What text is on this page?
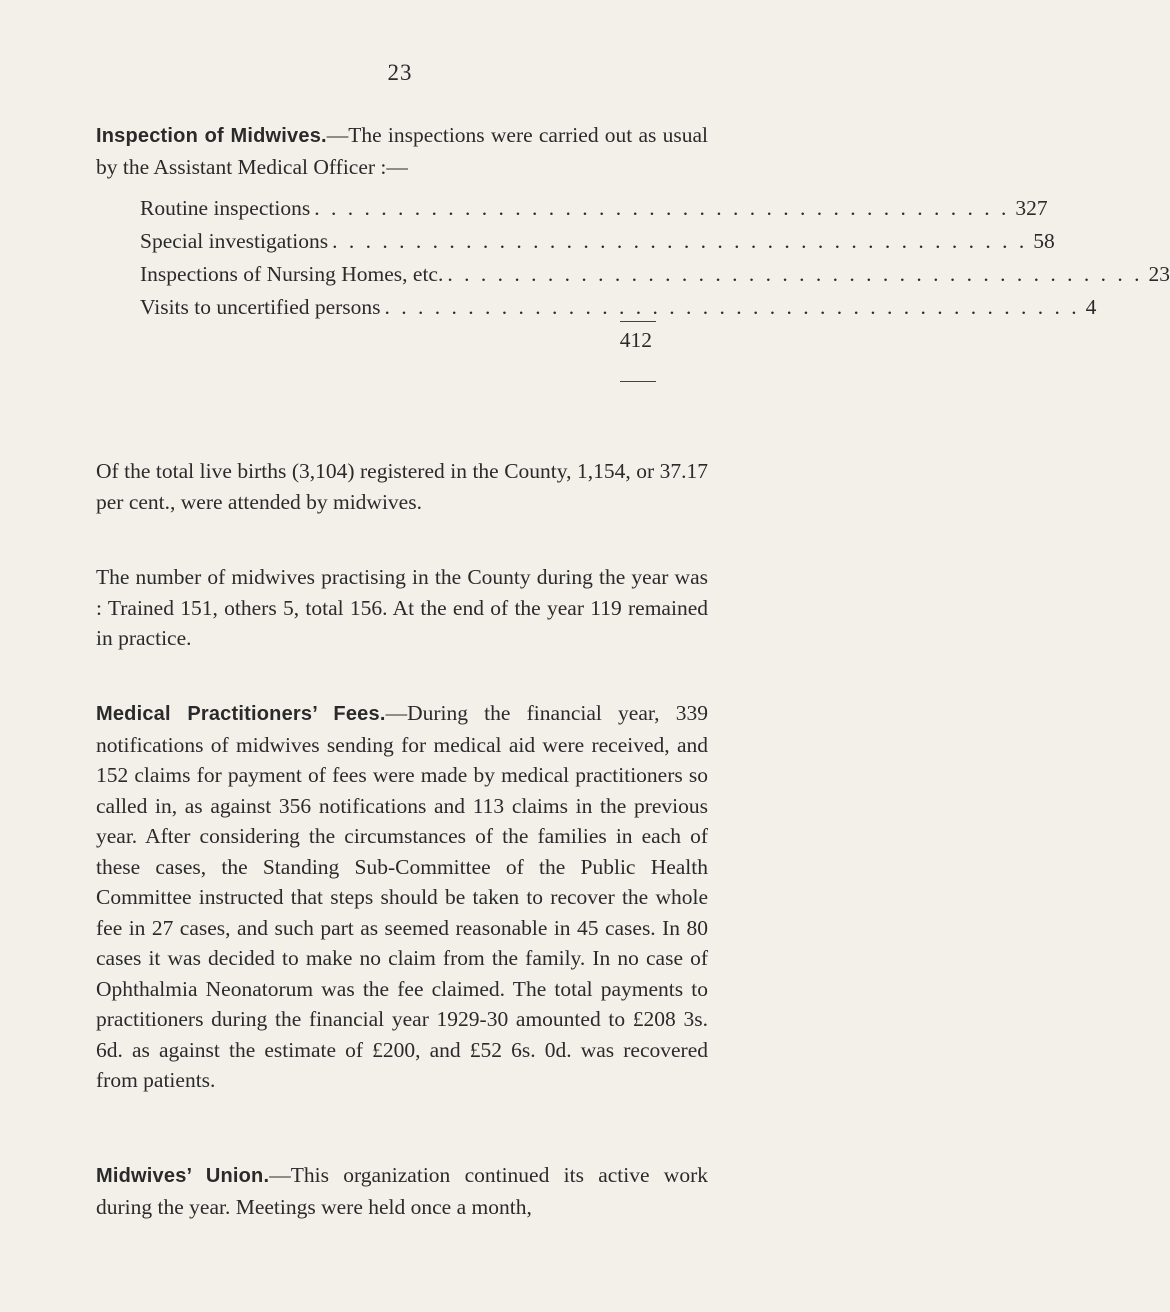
23

Inspection of Midwives.—The inspections were carried out as usual by the Assistant Medical Officer :—

Routine inspections . . . . . . . . . . . . . . . . . . . . . . . . . . . . . . . . . . . . . . . . . . 327
Special investigations . . . . . . . . . . . . . . . . . . . . . . . . . . . . . . . . . . . . . . . . . . 58
Inspections of Nursing Homes, etc. . . . . . . . . . . . . . . . . . . . . . . . . . . . . . . . . . . . . . . . . . . 23
Visits to uncertified persons . . . . . . . . . . . . . . . . . . . . . . . . . . . . . . . . . . . . . . . . . . 4
412

Of the total live births (3,104) registered in the County, 1,154, or 37.17 per cent., were attended by midwives.

The number of midwives practising in the County during the year was : Trained 151, others 5, total 156. At the end of the year 119 remained in practice.

Medical Practitioners’ Fees.—During the financial year, 339 notifications of midwives sending for medical aid were received, and 152 claims for payment of fees were made by medical practitioners so called in, as against 356 notifications and 113 claims in the previous year. After considering the circumstances of the families in each of these cases, the Standing Sub-Committee of the Public Health Committee instructed that steps should be taken to recover the whole fee in 27 cases, and such part as seemed reasonable in 45 cases. In 80 cases it was decided to make no claim from the family. In no case of Ophthalmia Neonatorum was the fee claimed. The total payments to practitioners during the financial year 1929-30 amounted to £208 3s. 6d. as against the estimate of £200, and £52 6s. 0d. was recovered from patients.

Midwives’ Union.—This organization continued its active work during the year. Meetings were held once a month,
